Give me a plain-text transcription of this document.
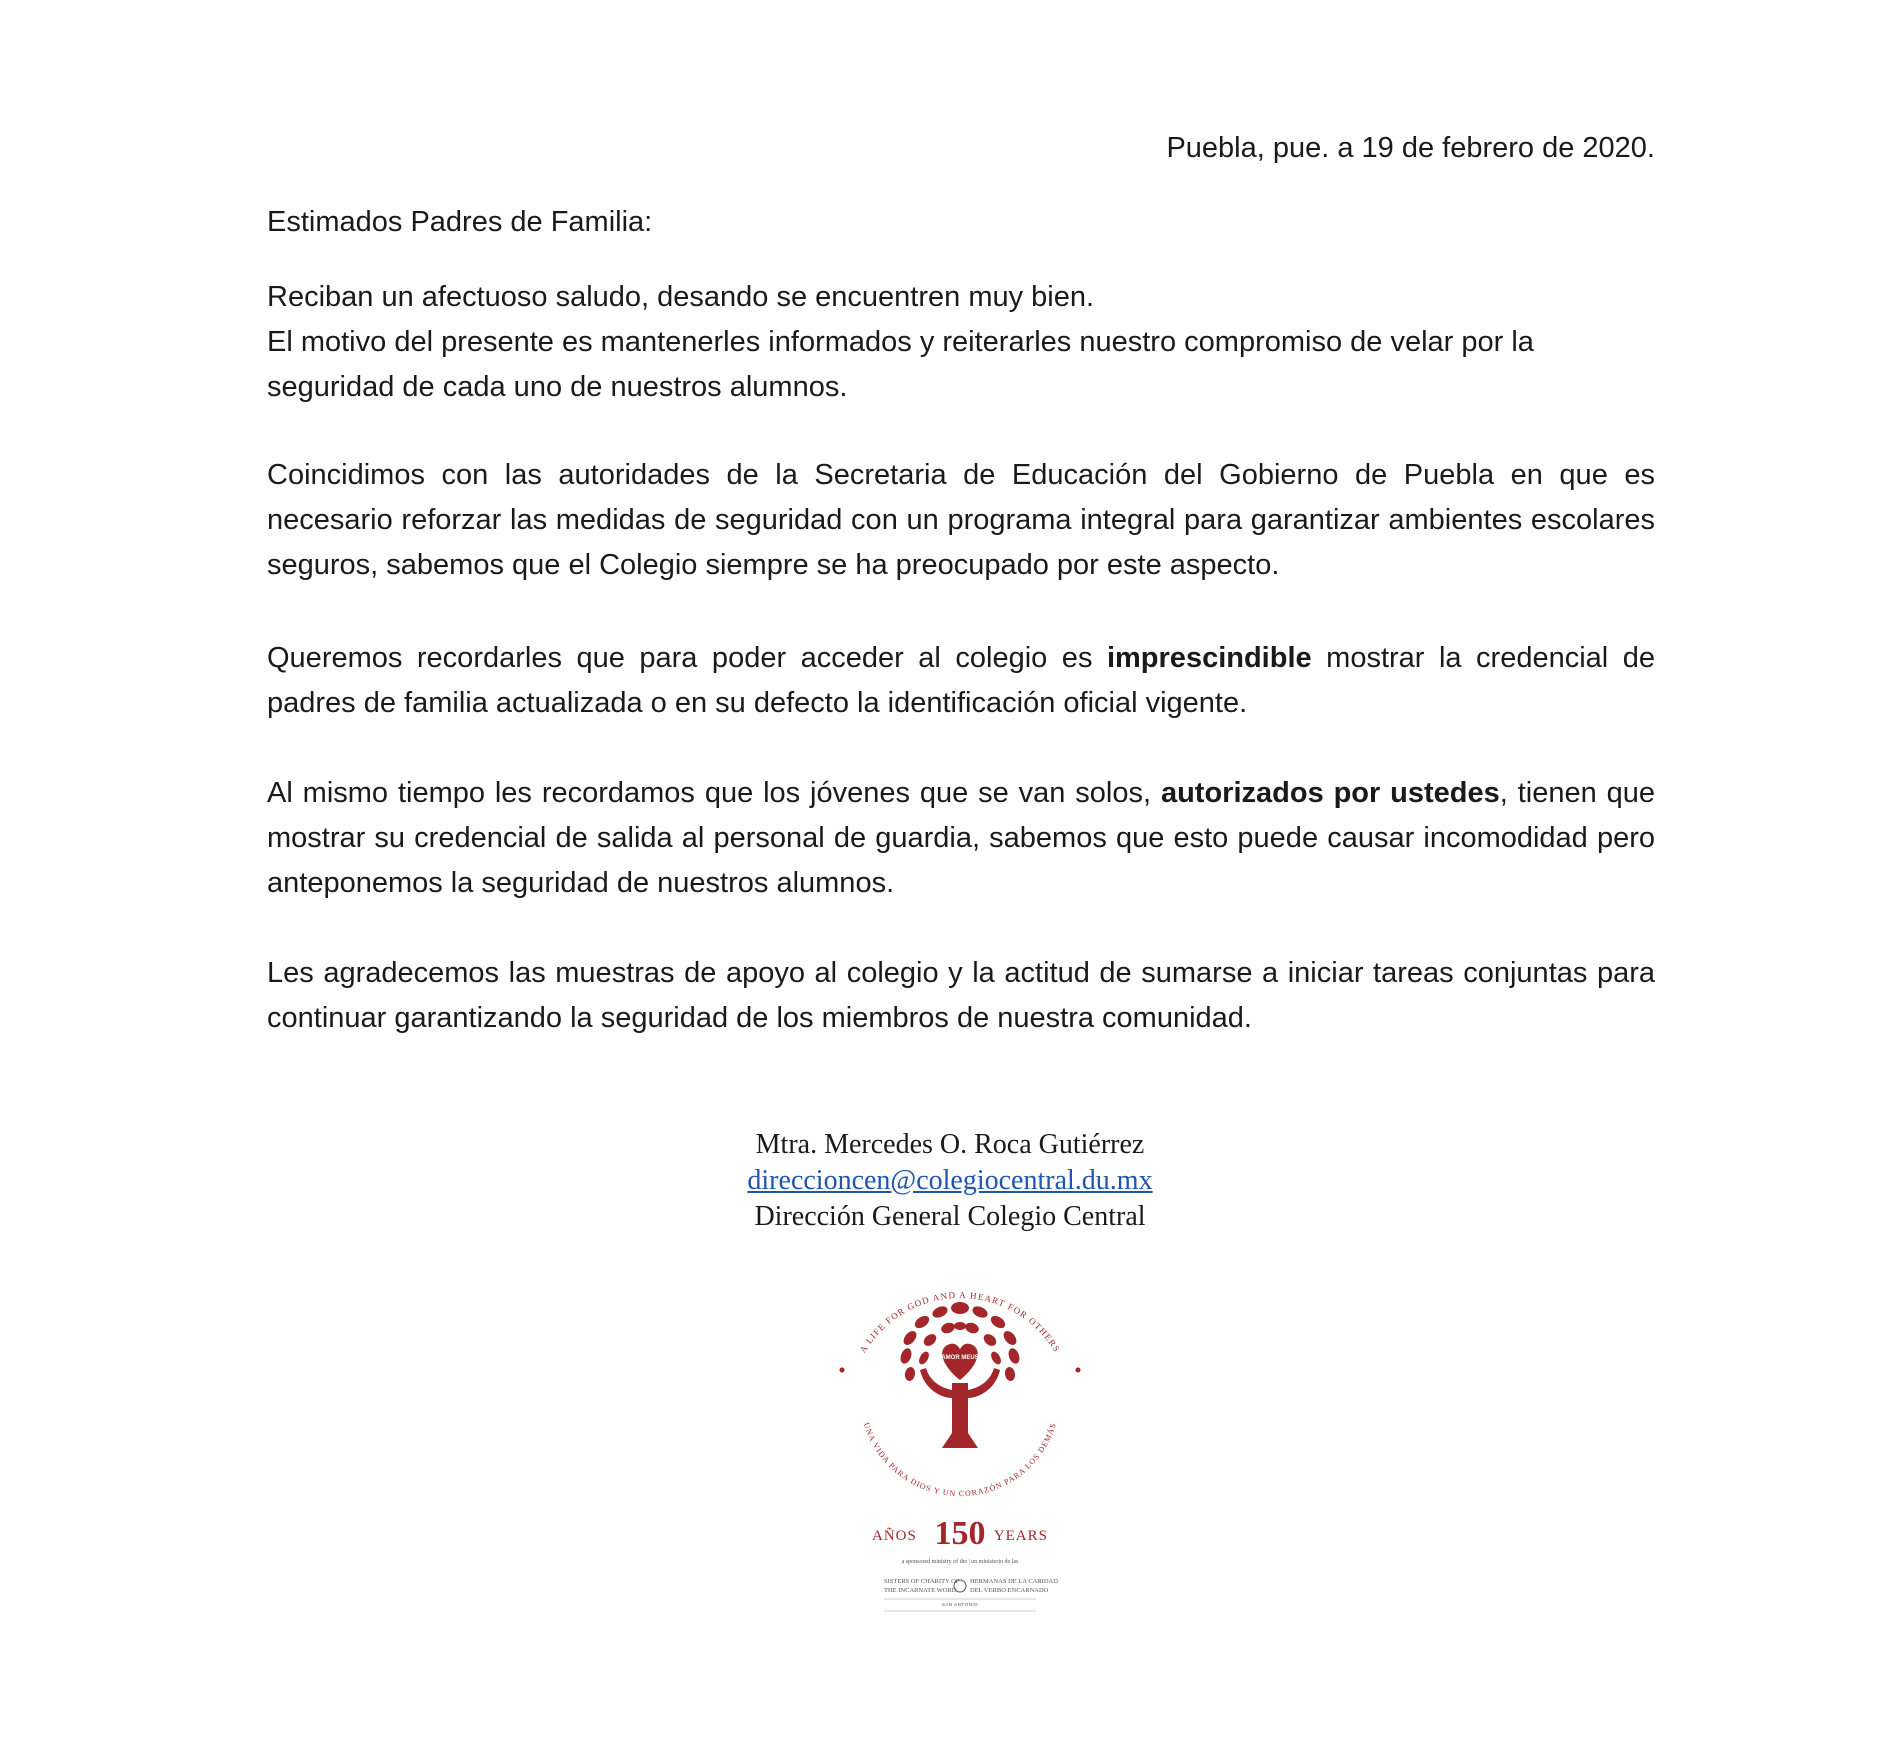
Puebla, pue. a 19 de febrero de 2020.
Estimados Padres de Familia:
Reciban un afectuoso saludo, desando se encuentren muy bien.
El motivo del presente es mantenerles informados y reiterarles nuestro compromiso de velar por la seguridad de cada uno de nuestros alumnos.
Coincidimos con las autoridades de la Secretaria de Educación del Gobierno de Puebla en que es necesario reforzar las medidas de seguridad con un programa integral para garantizar ambientes escolares seguros, sabemos que el Colegio siempre se ha preocupado por este aspecto.
Queremos recordarles que para poder acceder al colegio es imprescindible mostrar la credencial de padres de familia actualizada o en su defecto la identificación oficial vigente.
Al mismo tiempo les recordamos que los jóvenes que se van solos, autorizados por ustedes, tienen que mostrar su credencial de salida al personal de guardia, sabemos que esto puede causar incomodidad pero anteponemos la seguridad de nuestros alumnos.
Les agradecemos las muestras de apoyo al colegio y la actitud de sumarse a iniciar tareas conjuntas para continuar garantizando la seguridad de los miembros de nuestra comunidad.
Mtra. Mercedes O. Roca Gutiérrez
direccioncen@colegiocentral.du.mx
Dirección General Colegio Central
A LIFE FOR GOD AND A HEART FOR OTHERS
UNA VIDA PARA DIOS Y UN CORAZÓN PARA LOS DEMÁS
AMOR MEUS
AÑOS 150 YEARS
a sponsored ministry of the | un ministerio de las
SISTERS OF CHARITY OF
THE INCARNATE WORD
HERMANAS DE LA CARIDAD
DEL VERBO ENCARNADO
SAN ANTONIO
